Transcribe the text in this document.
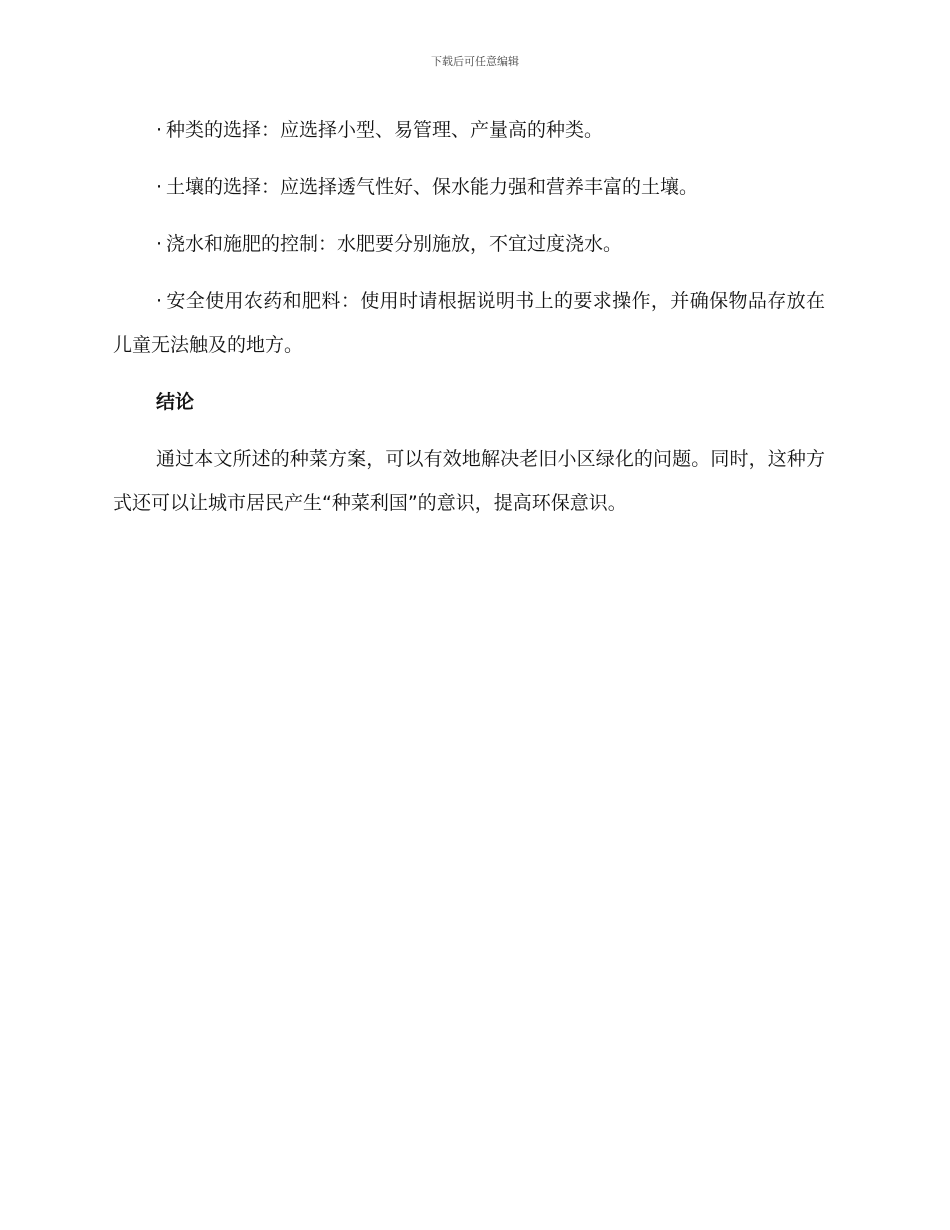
下载后可任意编辑

· 种类的选择：应选择小型、易管理、产量高的种类。

· 土壤的选择：应选择透气性好、保水能力强和营养丰富的土壤。

· 浇水和施肥的控制：水肥要分别施放，不宜过度浇水。

· 安全使用农药和肥料：使用时请根据说明书上的要求操作，并确保物品存放在儿童无法触及的地方。

结论

通过本文所述的种菜方案，可以有效地解决老旧小区绿化的问题。同时，这种方式还可以让城市居民产生“种菜利国”的意识，提高环保意识。
